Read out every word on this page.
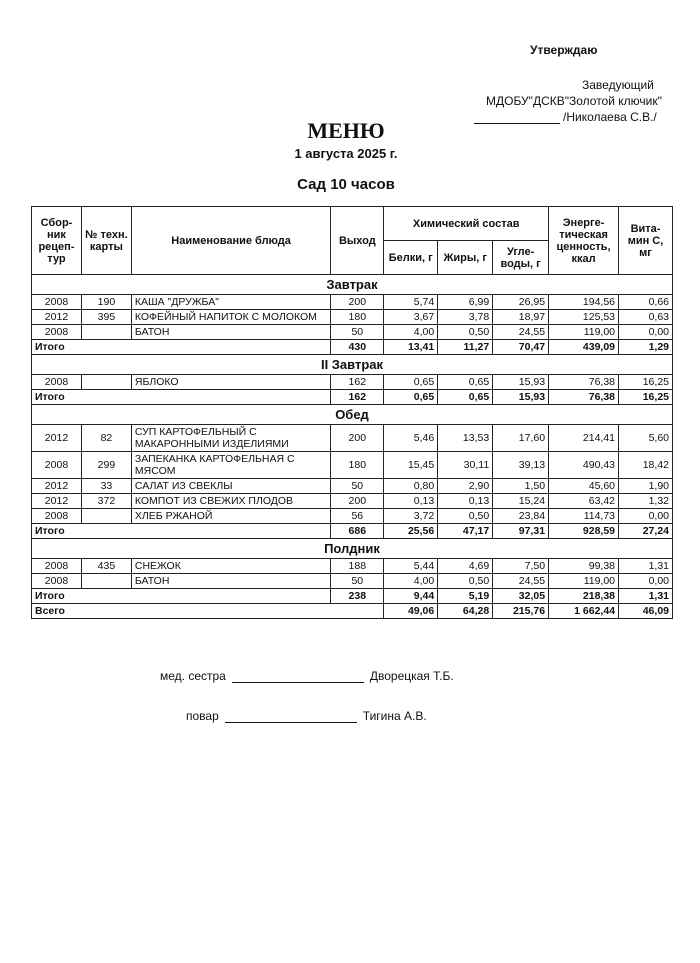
Утверждаю
Заведующий
МДОБУ"ДСКВ"Золотой ключик"
/Николаева С.В./
МЕНЮ
1 августа 2025 г.
Сад 10 часов
Сбор-ник рецеп-тур	№ техн. карты	Наименование блюда	Выход	Химический состав			Энерге-тическая ценность, ккал	Вита-мин С, мг
				Белки, г	Жиры, г	Угле-воды, г		
Завтрак								
2008	190	КАША "ДРУЖБА"	200	5,74	6,99	26,95	194,56	0,66
2012	395	КОФЕЙНЫЙ НАПИТОК С МОЛОКОМ	180	3,67	3,78	18,97	125,53	0,63
2008		БАТОН	50	4,00	0,50	24,55	119,00	0,00
Итого			430	13,41	11,27	70,47	439,09	1,29
II Завтрак								
2008		ЯБЛОКО	162	0,65	0,65	15,93	76,38	16,25
Итого			162	0,65	0,65	15,93	76,38	16,25
Обед								
2012	82	СУП КАРТОФЕЛЬНЫЙ С МАКАРОННЫМИ ИЗДЕЛИЯМИ	200	5,46	13,53	17,60	214,41	5,60
2008	299	ЗАПЕКАНКА КАРТОФЕЛЬНАЯ С МЯСОМ	180	15,45	30,11	39,13	490,43	18,42
2012	33	САЛАТ ИЗ СВЕКЛЫ	50	0,80	2,90	1,50	45,60	1,90
2012	372	КОМПОТ ИЗ СВЕЖИХ ПЛОДОВ	200	0,13	0,13	15,24	63,42	1,32
2008		ХЛЕБ РЖАНОЙ	56	3,72	0,50	23,84	114,73	0,00
Итого			686	25,56	47,17	97,31	928,59	27,24
Полдник								
2008	435	СНЕЖОК	188	5,44	4,69	7,50	99,38	1,31
2008		БАТОН	50	4,00	0,50	24,55	119,00	0,00
Итого			238	9,44	5,19	32,05	218,38	1,31
Всего				49,06	64,28	215,76	1 662,44	46,09
мед. сестра	Дворецкая Т.Б.
повар	Тигина А.В.
